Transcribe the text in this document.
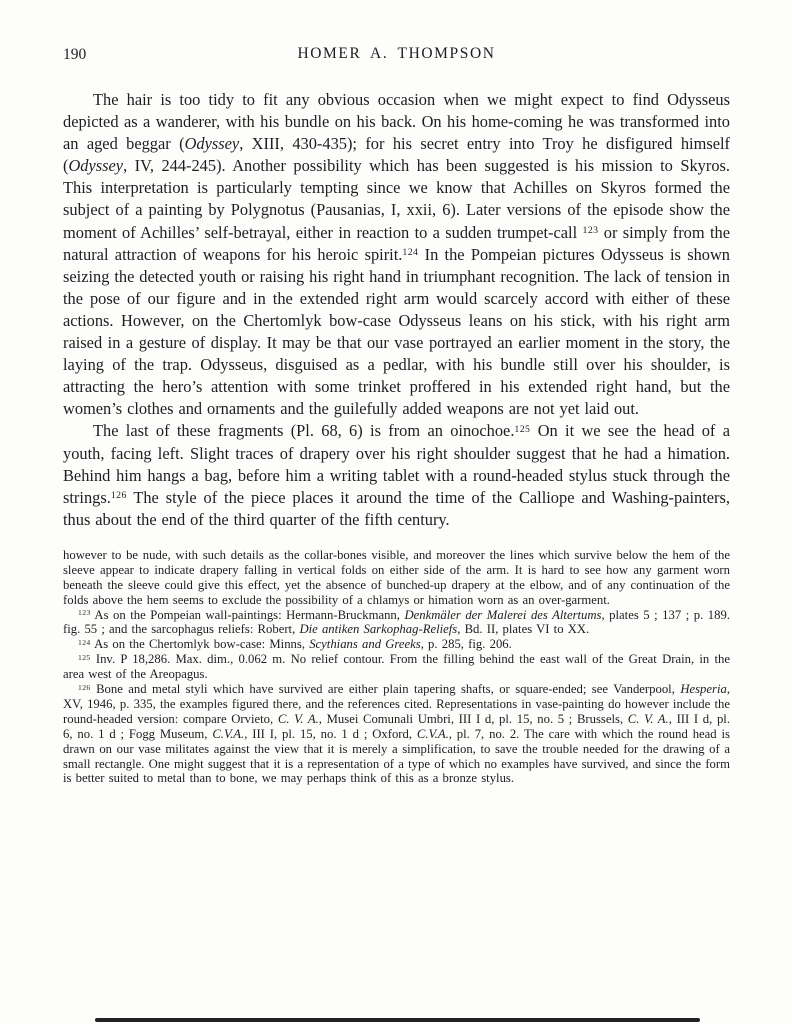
190	HOMER A. THOMPSON

The hair is too tidy to fit any obvious occasion when we might expect to find Odysseus depicted as a wanderer, with his bundle on his back. On his home-coming he was transformed into an aged beggar (Odyssey, XIII, 430-435); for his secret entry into Troy he disfigured himself (Odyssey, IV, 244-245). Another possibility which has been suggested is his mission to Skyros. This interpretation is particularly tempting since we know that Achilles on Skyros formed the subject of a painting by Polygnotus (Pausanias, I, xxii, 6). Later versions of the episode show the moment of Achilles’ self-betrayal, either in reaction to a sudden trumpet-call $^{123}$ or simply from the natural attraction of weapons for his heroic spirit.$^{124}$ In the Pompeian pictures Odysseus is shown seizing the detected youth or raising his right hand in triumphant recognition. The lack of tension in the pose of our figure and in the extended right arm would scarcely accord with either of these actions. However, on the Chertomlyk bow-case Odysseus leans on his stick, with his right arm raised in a gesture of display. It may be that our vase portrayed an earlier moment in the story, the laying of the trap. Odysseus, disguised as a pedlar, with his bundle still over his shoulder, is attracting the hero’s attention with some trinket proffered in his extended right hand, but the women’s clothes and ornaments and the guilefully added weapons are not yet laid out.

The last of these fragments (Pl. 68, 6) is from an oinochoe.$^{125}$ On it we see the head of a youth, facing left. Slight traces of drapery over his right shoulder suggest that he had a himation. Behind him hangs a bag, before him a writing tablet with a round-headed stylus stuck through the strings.$^{126}$ The style of the piece places it around the time of the Calliope and Washing-painters, thus about the end of the third quarter of the fifth century.

however to be nude, with such details as the collar-bones visible, and moreover the lines which survive below the hem of the sleeve appear to indicate drapery falling in vertical folds on either side of the arm. It is hard to see how any garment worn beneath the sleeve could give this effect, yet the absence of bunched-up drapery at the elbow, and of any continuation of the folds above the hem seems to exclude the possibility of a chlamys or himation worn as an over-garment.

$^{123}$ As on the Pompeian wall-paintings: Hermann-Bruckmann, Denkmäler der Malerei des Altertums, plates 5 ; 137 ; p. 189. fig. 55 ; and the sarcophagus reliefs: Robert, Die antiken Sarkophag-Reliefs, Bd. II, plates VI to XX.

$^{124}$ As on the Chertomlyk bow-case: Minns, Scythians and Greeks, p. 285, fig. 206.

$^{125}$ Inv. P 18,286. Max. dim., 0.062 m. No relief contour. From the filling behind the east wall of the Great Drain, in the area west of the Areopagus.

$^{126}$ Bone and metal styli which have survived are either plain tapering shafts, or square-ended; see Vanderpool, Hesperia, XV, 1946, p. 335, the examples figured there, and the references cited. Representations in vase-painting do however include the round-headed version: compare Orvieto, C. V. A., Musei Comunali Umbri, III I d, pl. 15, no. 5 ; Brussels, C. V. A., III I d, pl. 6, no. 1 d ; Fogg Museum, C.V.A., III I, pl. 15, no. 1 d ; Oxford, C.V.A., pl. 7, no. 2. The care with which the round head is drawn on our vase militates against the view that it is merely a simplification, to save the trouble needed for the drawing of a small rectangle. One might suggest that it is a representation of a type of which no examples have survived, and since the form is better suited to metal than to bone, we may perhaps think of this as a bronze stylus.
